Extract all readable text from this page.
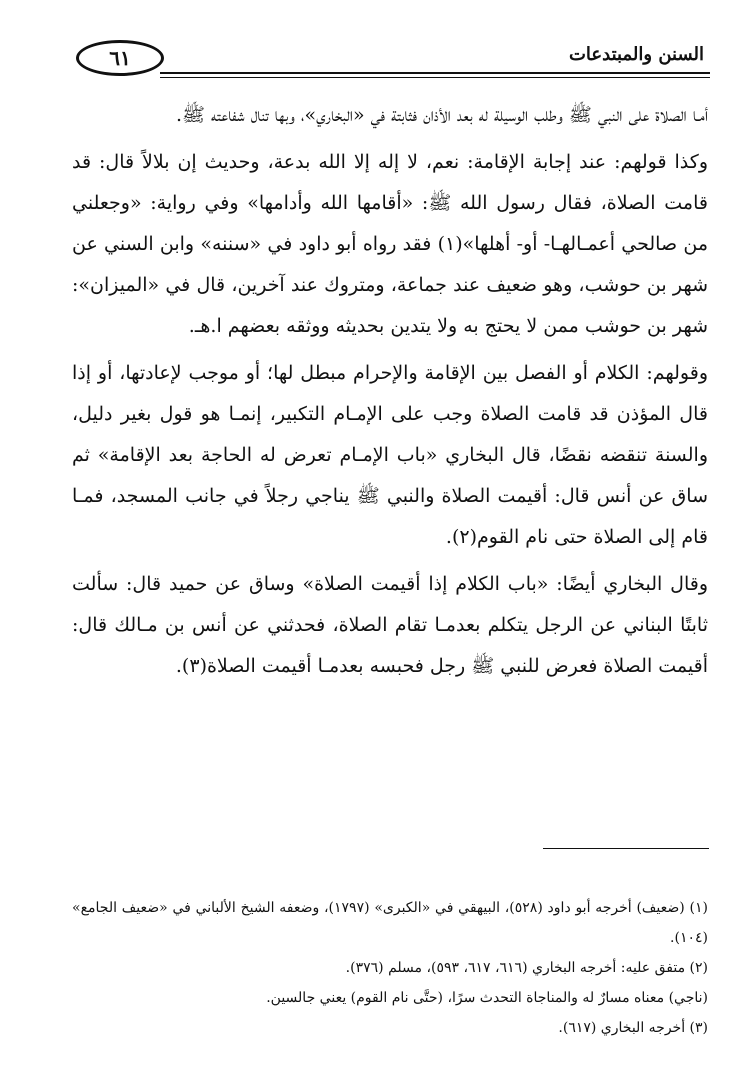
٦١	السنن والمبتدعات

أمـا الصلاة على النبي ﷺ وطلب الوسيلة له بعد الأذان فثابتة في «البخاري»، وبها تنال شفاعته ﷺ.

وكذا قولهم: عند إجابة الإقامة: نعم، لا إله إلا الله بدعة، وحديث إن بلالاً قال: قد قامت الصلاة، فقال رسول الله ﷺ: «أقامها الله وأدامها» وفي رواية: «وجعلني من صالحي أعمـالهـا- أو- أهلها»(١) فقد رواه أبو داود في «سننه» وابن السني عن شهر بن حوشب، وهو ضعيف عند جماعة، ومتروك عند آخرين، قال في «الميزان»: شهر بن حوشب ممن لا يحتج به ولا يتدين بحديثه ووثقه بعضهم ا.هـ.

وقولهم: الكلام أو الفصل بين الإقامة والإحرام مبطل لها؛ أو موجب لإعادتها، أو إذا قال المؤذن قد قامت الصلاة وجب على الإمـام التكبير، إنمـا هو قول بغير دليل، والسنة تنقضه نقضًا، قال البخاري «باب الإمـام تعرض له الحاجة بعد الإقامة» ثم ساق عن أنس قال: أقيمت الصلاة والنبي ﷺ يناجي رجلاً في جانب المسجد، فمـا قام إلى الصلاة حتى نام القوم(٢).

وقال البخاري أيضًا: «باب الكلام إذا أقيمت الصلاة» وساق عن حميد قال: سألت ثابتًا البناني عن الرجل يتكلم بعدمـا تقام الصلاة، فحدثني عن أنس بن مـالك قال: أقيمت الصلاة فعرض للنبي ﷺ رجل فحبسه بعدمـا أقيمت الصلاة(٣).

(١) (ضعيف) أخرجه أبو داود (٥٢٨)، البيهقي في «الكبرى» (١٧٩٧)، وضعفه الشيخ الألباني في «ضعيف الجامع» (١٠٤).

(٢) متفق عليه: أخرجه البخاري (٦١٦، ٦١٧، ٥٩٣)، مسلم (٣٧٦).

(ناجي) معناه مسارٌ له والمناجاة التحدث سرًا، (حتَّى نام القوم) يعني جالسين.

(٣) أخرجه البخاري (٦١٧).
